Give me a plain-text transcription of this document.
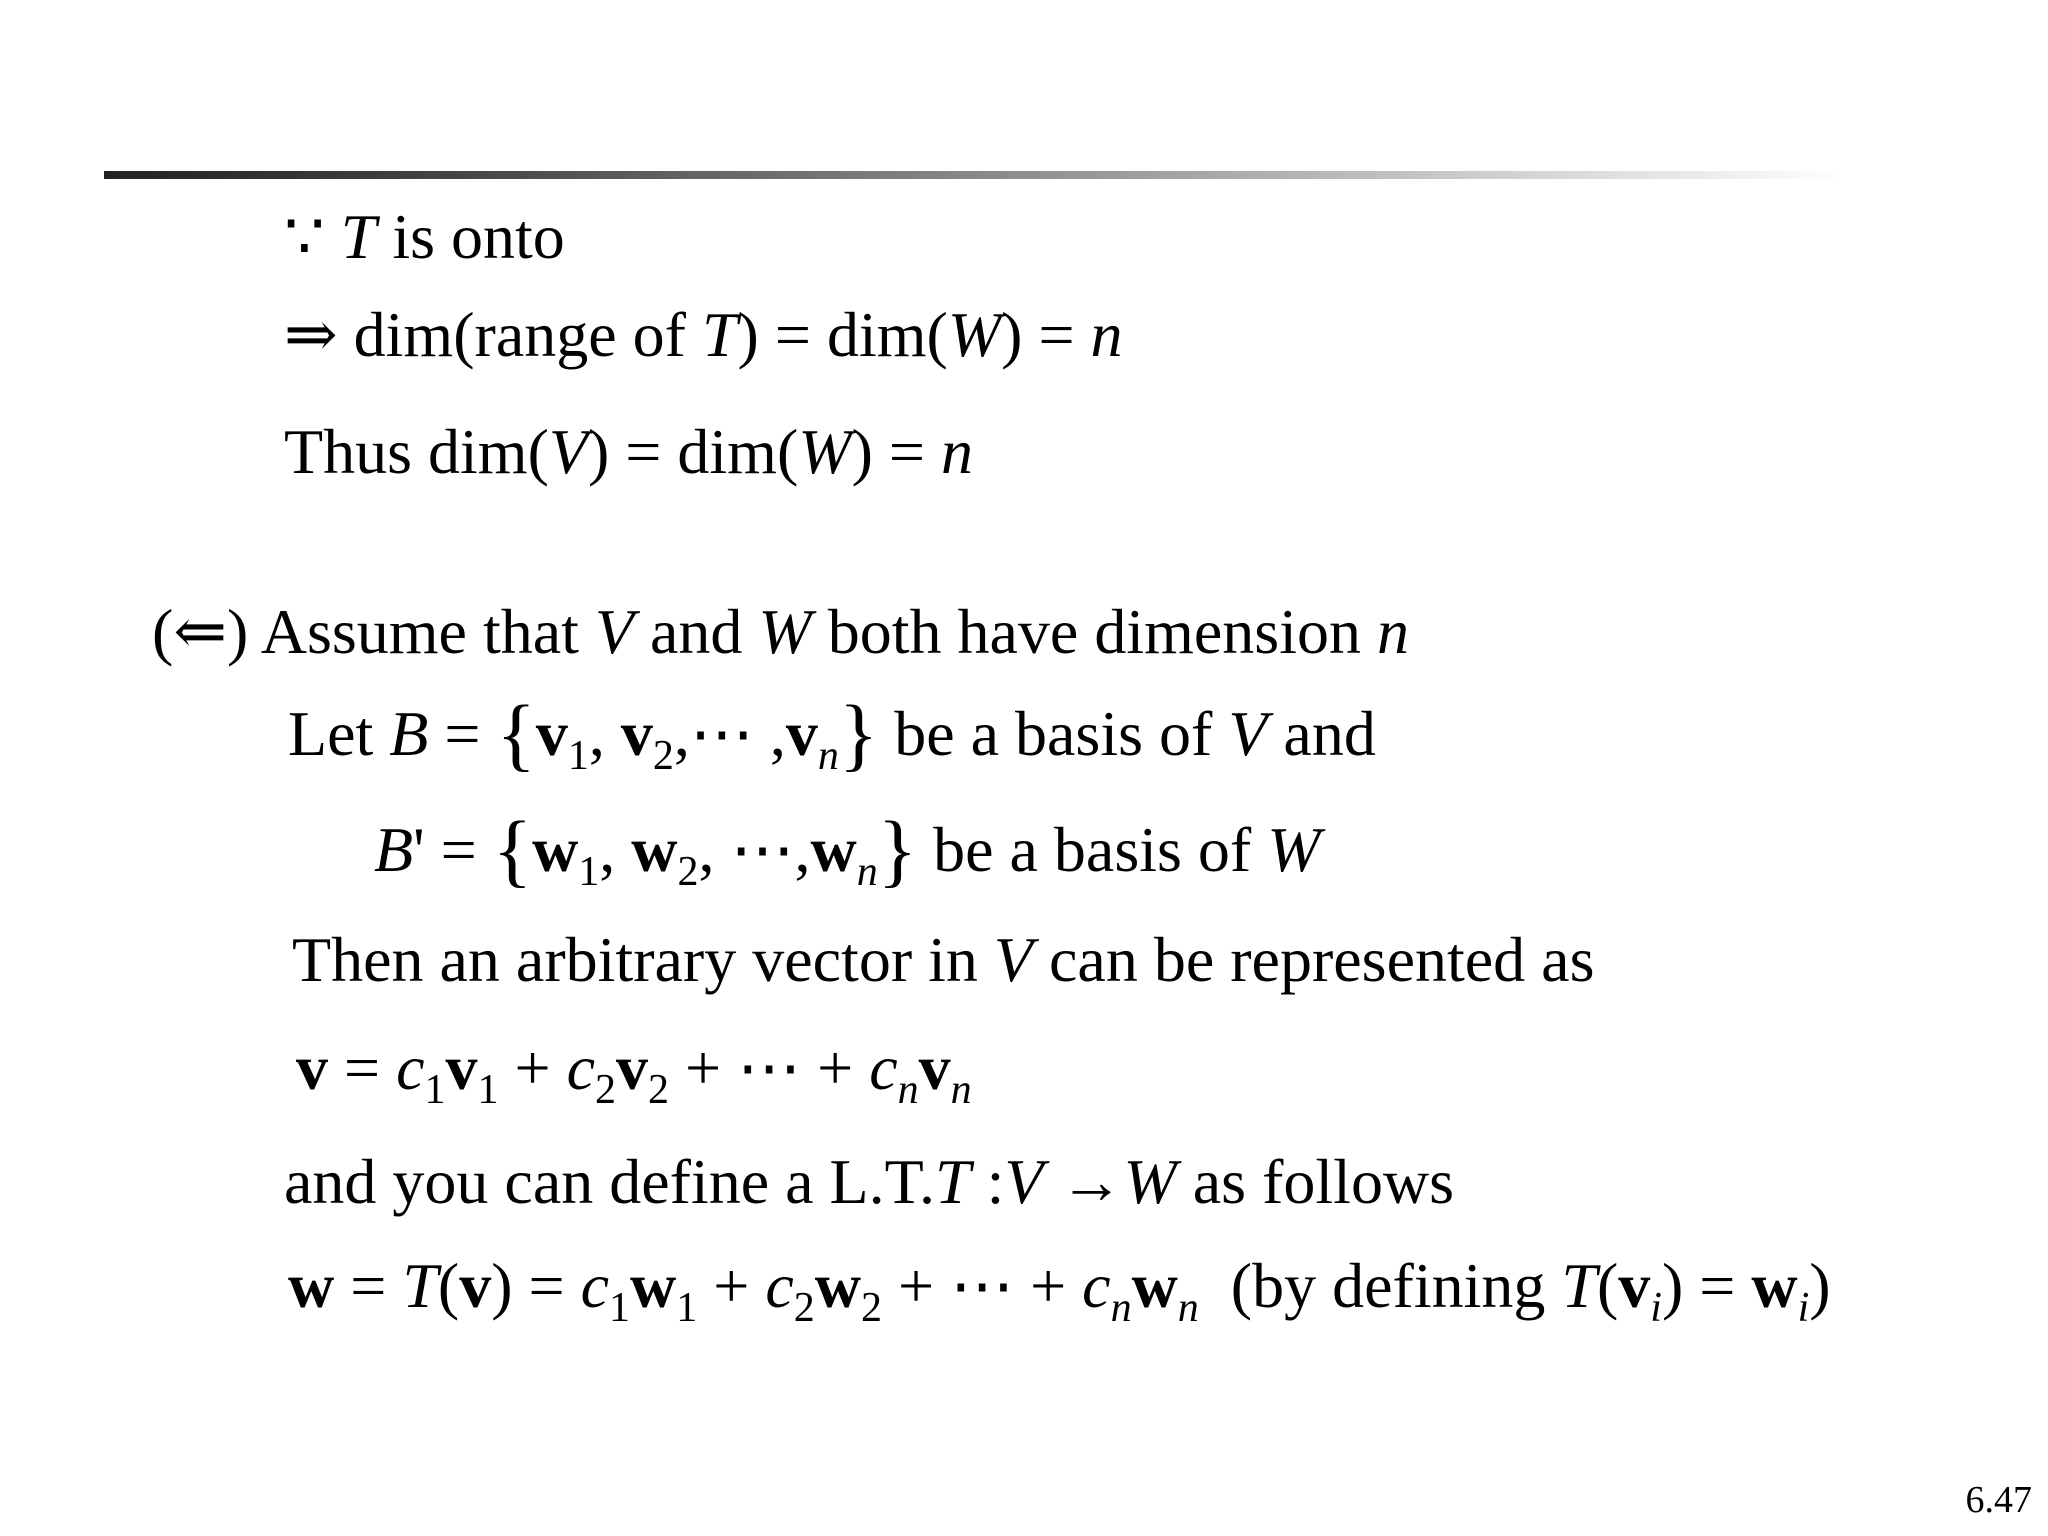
∵ T is onto
⇒ dim(range of T) = dim(W) = n
Thus dim(V) = dim(W) = n
(⇐) Assume that V and W both have dimension n
Let $B = \{v_1$, $v_2,\cdots$ $,v_n$} be a basis of V and
$B' = \{w_1$, $w_2$, $\cdots,w_n$} be a basis of W
Then an arbitrary vector in V can be represented as
$v = c_1v_1 + c_2v_2$ + ⋯ + $c_nv_n$
and you can define a L.T.T :V →W as follows
$w = T(v) = c_1w_1 + c_2w_2$ + ⋯ + $c_nw_n$ (by defining $T(v_i) = w_i$)
6.47
